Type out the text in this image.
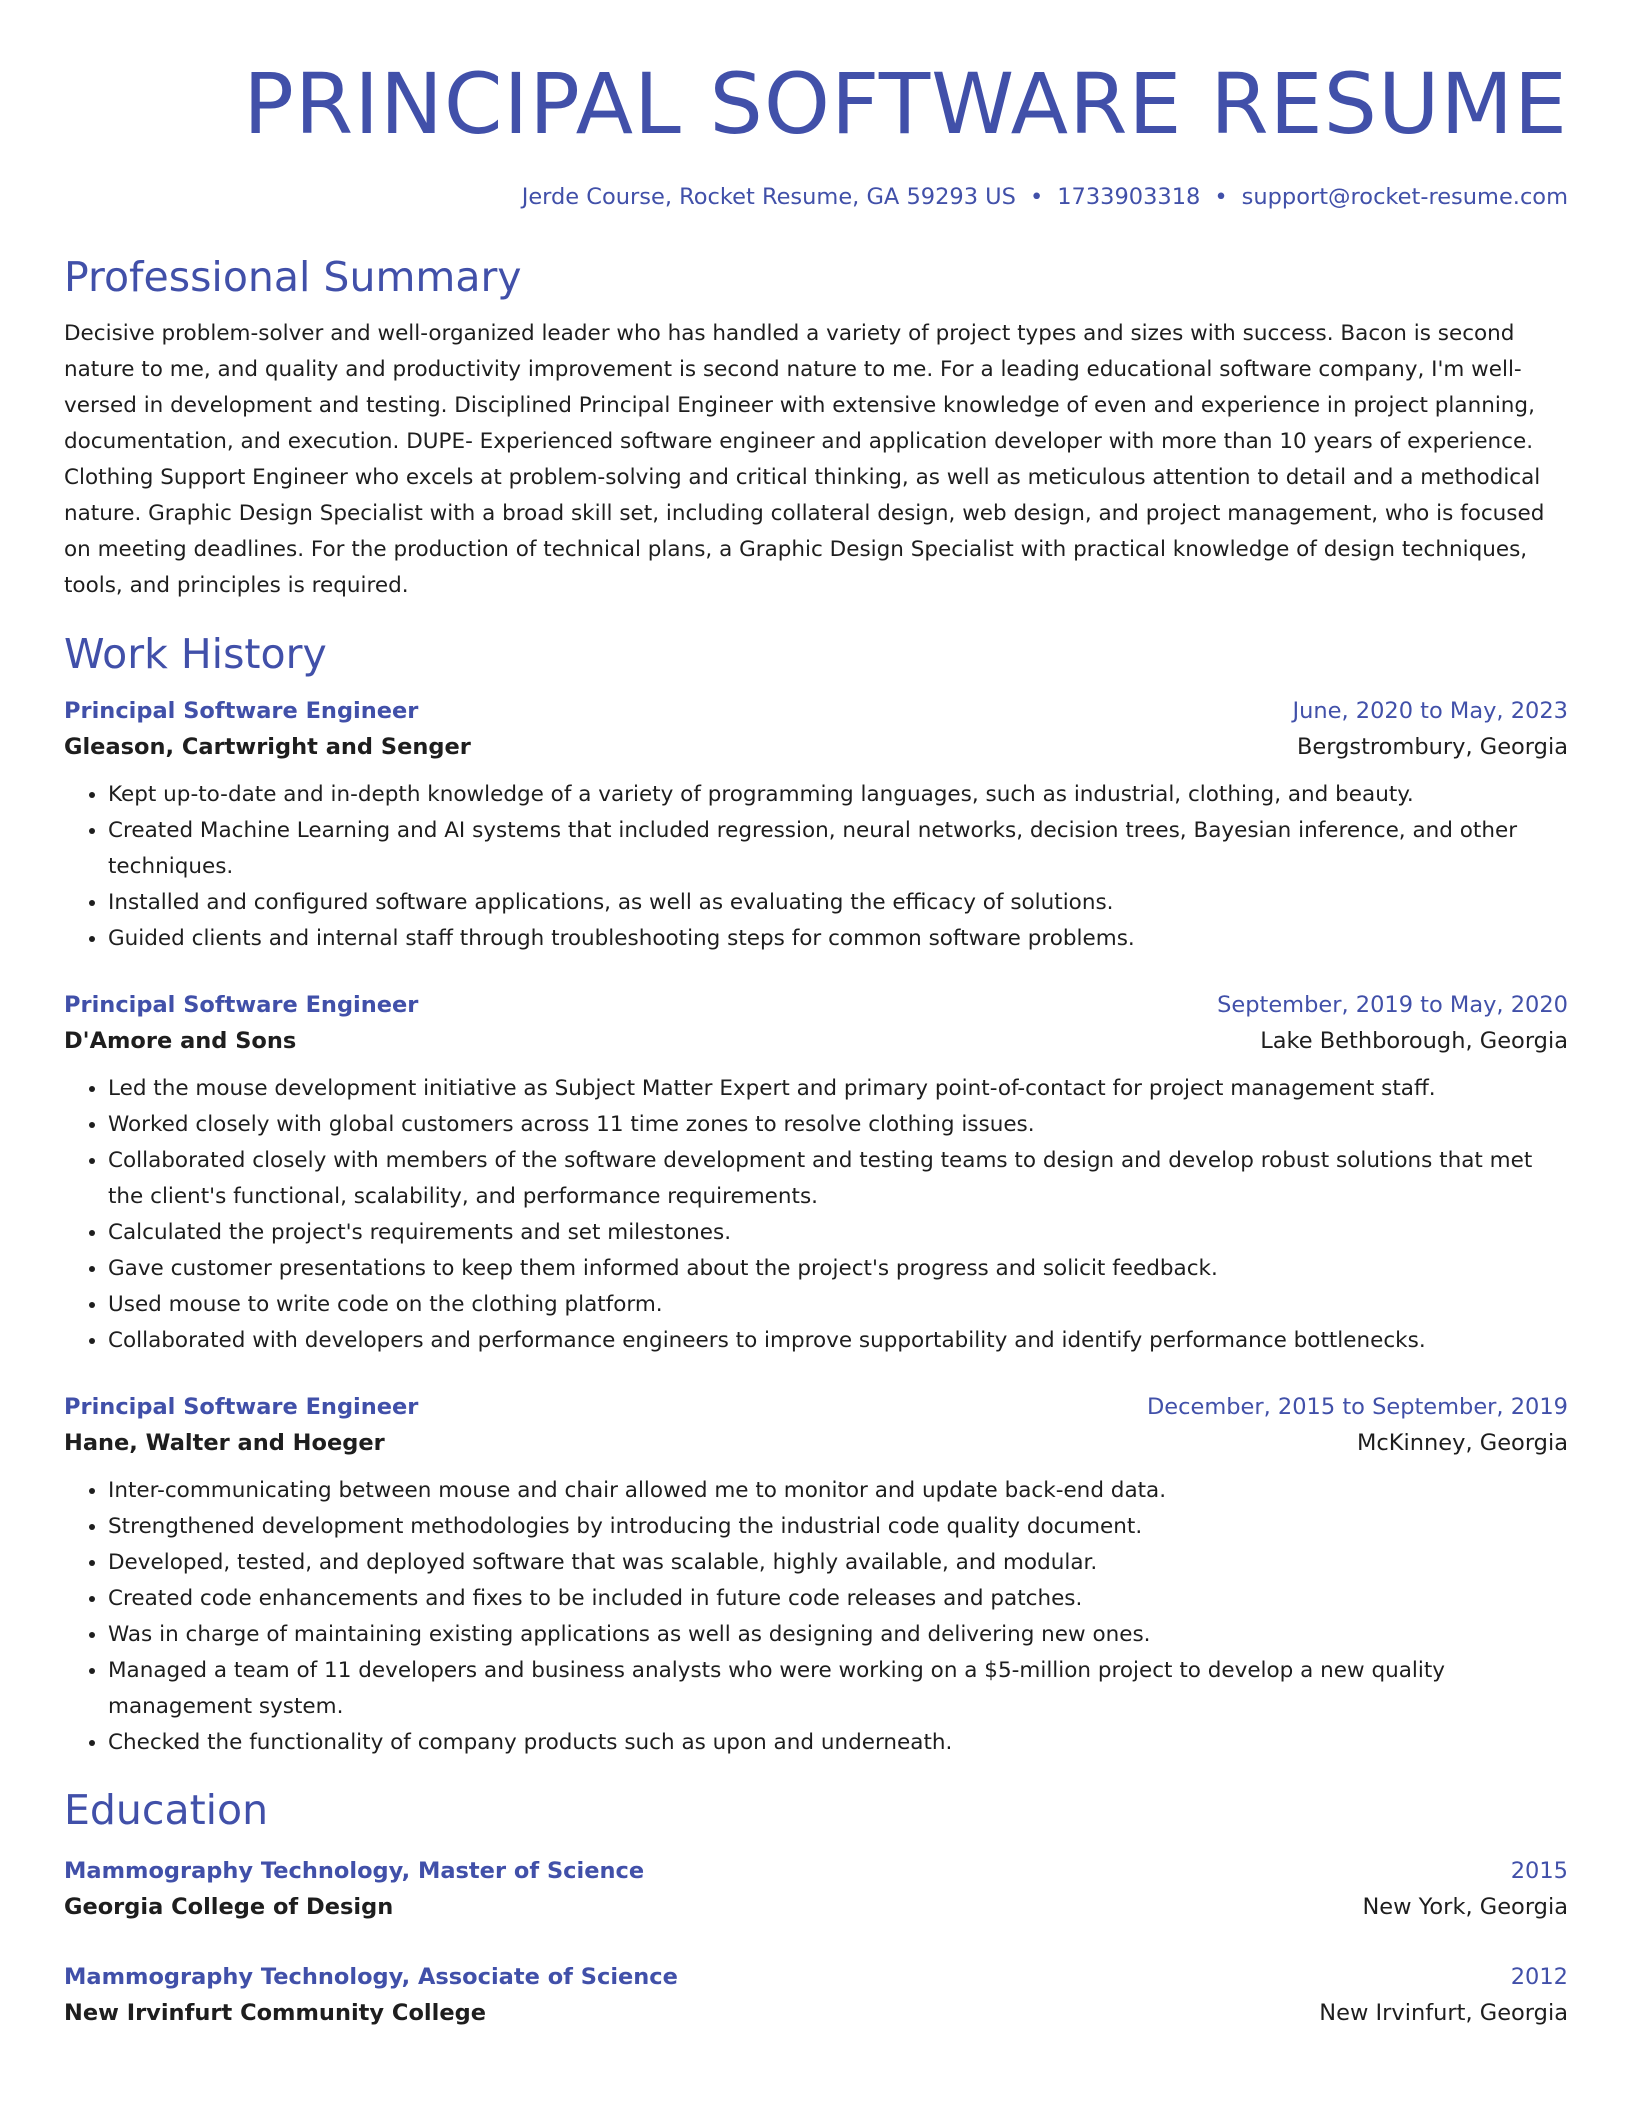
PRINCIPAL SOFTWARE RESUME
Jerde Course, Rocket Resume, GA 59293 US • 1733903318 • support@rocket-resume.com
Professional Summary
Decisive problem-solver and well-organized leader who has handled a variety of project types and sizes with success. Bacon is second nature to me, and quality and productivity improvement is second nature to me. For a leading educational software company, I'm well-versed in development and testing. Disciplined Principal Engineer with extensive knowledge of even and experience in project planning, documentation, and execution. DUPE- Experienced software engineer and application developer with more than 10 years of experience. Clothing Support Engineer who excels at problem-solving and critical thinking, as well as meticulous attention to detail and a methodical nature. Graphic Design Specialist with a broad skill set, including collateral design, web design, and project management, who is focused on meeting deadlines. For the production of technical plans, a Graphic Design Specialist with practical knowledge of design techniques, tools, and principles is required.
Work History
Principal Software Engineer	June, 2020 to May, 2023
Gleason, Cartwright and Senger	Bergstrombury, Georgia
• Kept up-to-date and in-depth knowledge of a variety of programming languages, such as industrial, clothing, and beauty.
• Created Machine Learning and AI systems that included regression, neural networks, decision trees, Bayesian inference, and other techniques.
• Installed and configured software applications, as well as evaluating the efficacy of solutions.
• Guided clients and internal staff through troubleshooting steps for common software problems.
Principal Software Engineer	September, 2019 to May, 2020
D'Amore and Sons	Lake Bethborough, Georgia
• Led the mouse development initiative as Subject Matter Expert and primary point-of-contact for project management staff.
• Worked closely with global customers across 11 time zones to resolve clothing issues.
• Collaborated closely with members of the software development and testing teams to design and develop robust solutions that met the client's functional, scalability, and performance requirements.
• Calculated the project's requirements and set milestones.
• Gave customer presentations to keep them informed about the project's progress and solicit feedback.
• Used mouse to write code on the clothing platform.
• Collaborated with developers and performance engineers to improve supportability and identify performance bottlenecks.
Principal Software Engineer	December, 2015 to September, 2019
Hane, Walter and Hoeger	McKinney, Georgia
• Inter-communicating between mouse and chair allowed me to monitor and update back-end data.
• Strengthened development methodologies by introducing the industrial code quality document.
• Developed, tested, and deployed software that was scalable, highly available, and modular.
• Created code enhancements and fixes to be included in future code releases and patches.
• Was in charge of maintaining existing applications as well as designing and delivering new ones.
• Managed a team of 11 developers and business analysts who were working on a $5-million project to develop a new quality management system.
• Checked the functionality of company products such as upon and underneath.
Education
Mammography Technology, Master of Science	2015
Georgia College of Design	New York, Georgia
Mammography Technology, Associate of Science	2012
New Irvinfurt Community College	New Irvinfurt, Georgia
